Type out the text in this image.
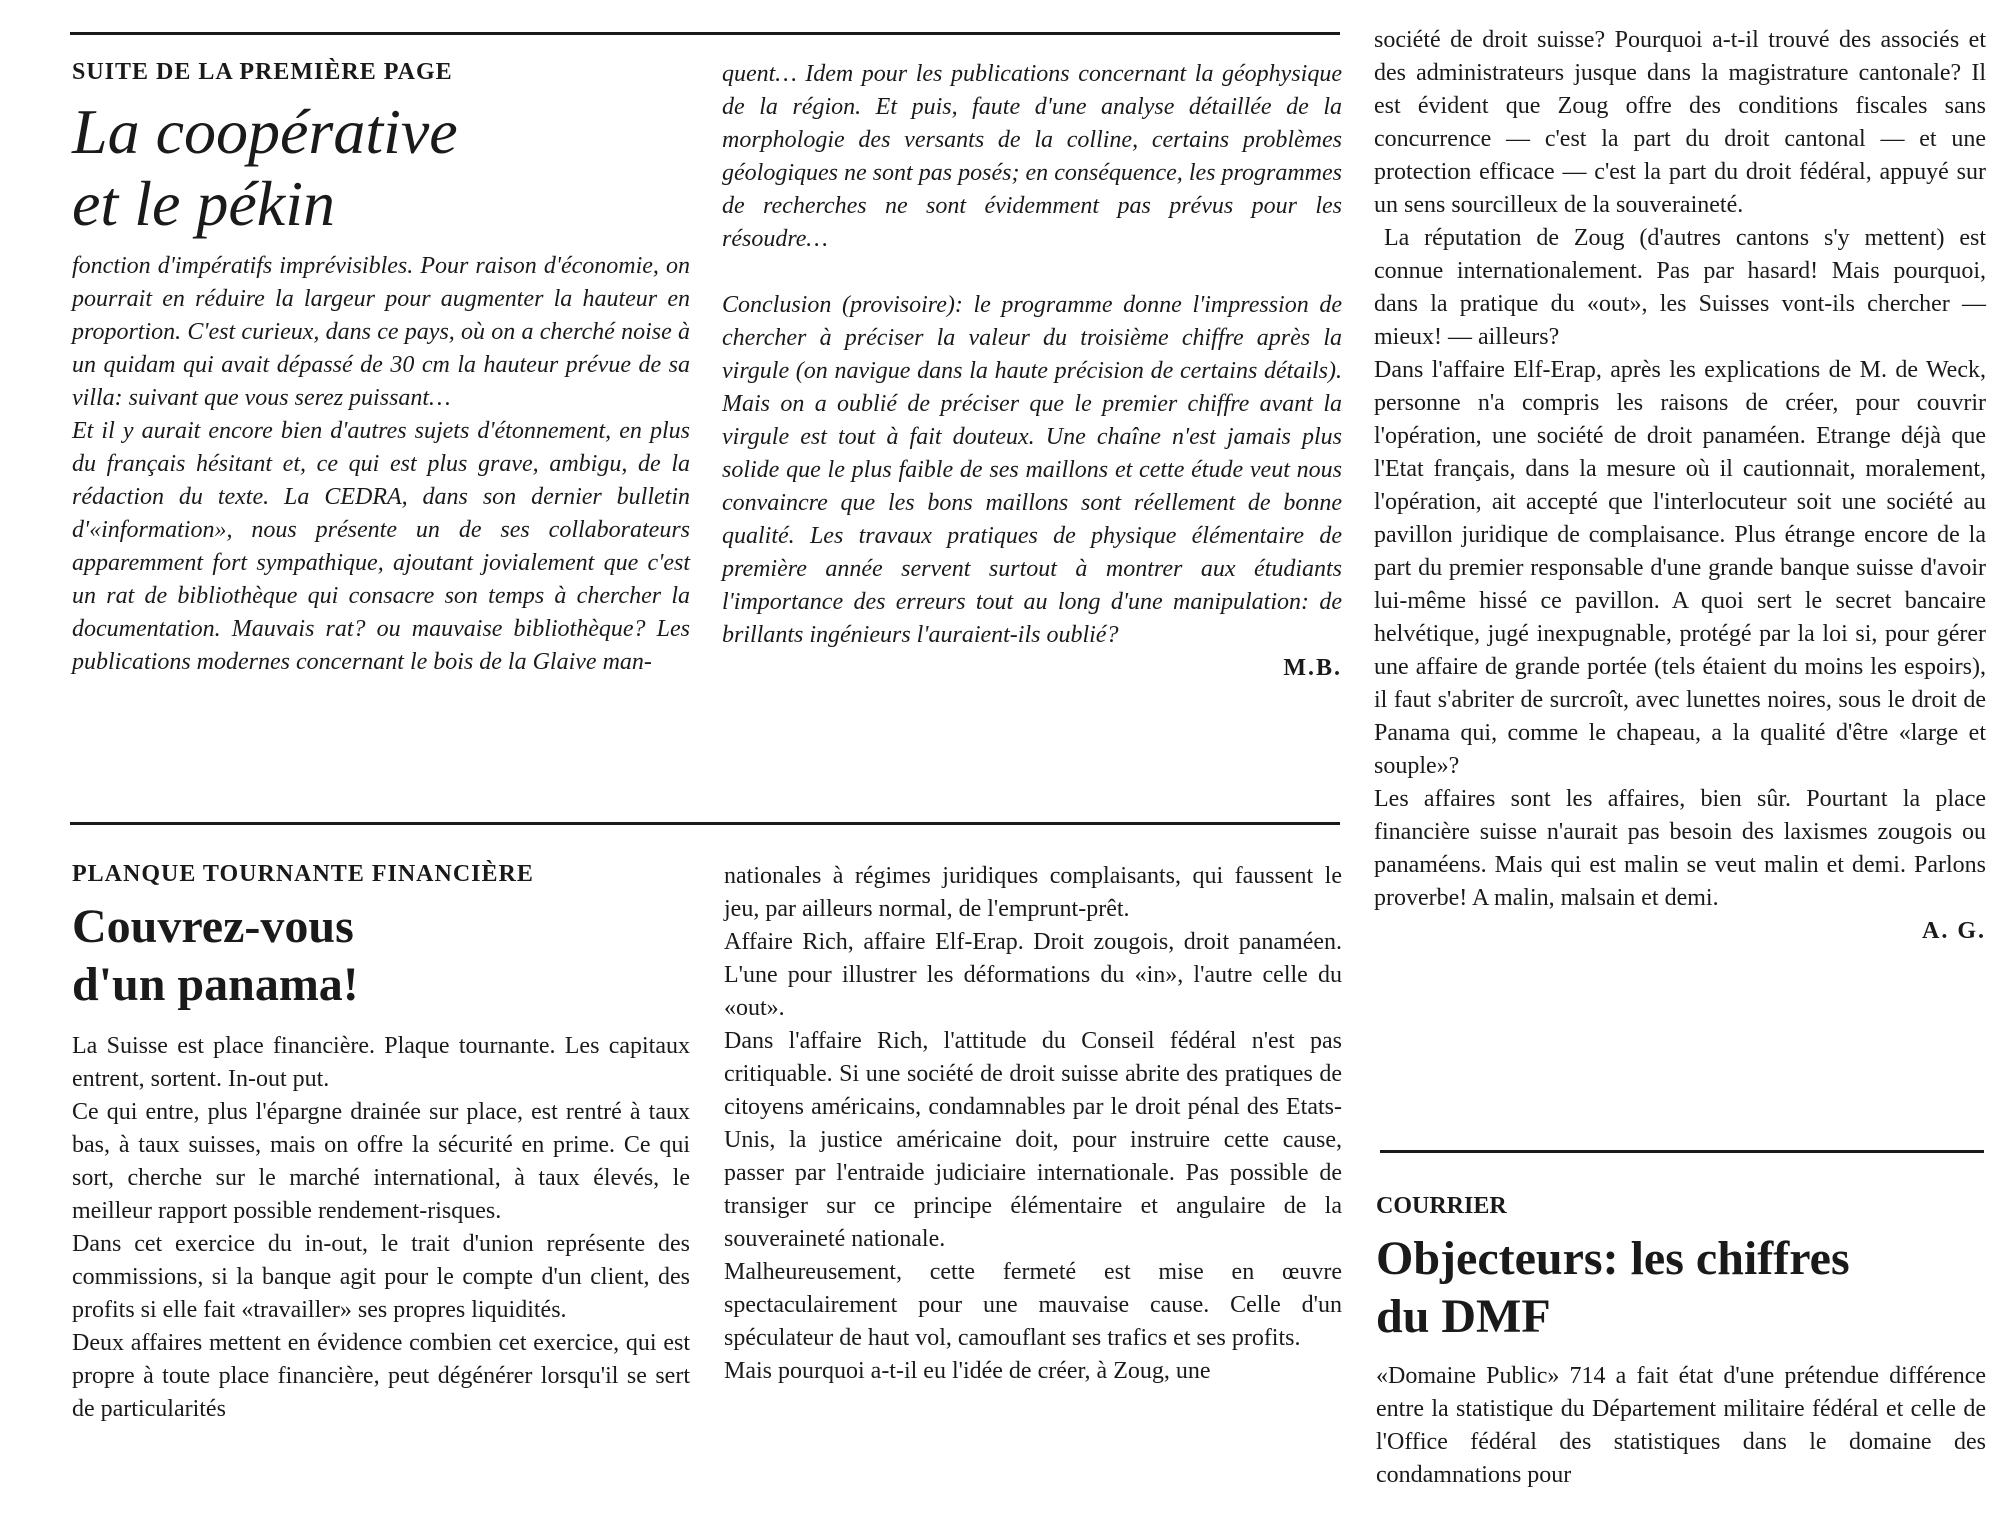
SUITE DE LA PREMIÈRE PAGE

La coopérative
et le pékin

fonction d'impératifs imprévisibles. Pour raison d'économie, on pourrait en réduire la largeur pour augmenter la hauteur en proportion. C'est curieux, dans ce pays, où on a cherché noise à un quidam qui avait dépassé de 30 cm la hauteur prévue de sa villa: suivant que vous serez puissant…

Et il y aurait encore bien d'autres sujets d'étonnement, en plus du français hésitant et, ce qui est plus grave, ambigu, de la rédaction du texte. La CEDRA, dans son dernier bulletin d'«information», nous présente un de ses collaborateurs apparemment fort sympathique, ajoutant jovialement que c'est un rat de bibliothèque qui consacre son temps à chercher la documentation. Mauvais rat? ou mauvaise bibliothèque? Les publications modernes concernant le bois de la Glaive man-

quent… Idem pour les publications concernant la géophysique de la région. Et puis, faute d'une analyse détaillée de la morphologie des versants de la colline, certains problèmes géologiques ne sont pas posés; en conséquence, les programmes de recherches ne sont évidemment pas prévus pour les résoudre…

Conclusion (provisoire): le programme donne l'impression de chercher à préciser la valeur du troisième chiffre après la virgule (on navigue dans la haute précision de certains détails). Mais on a oublié de préciser que le premier chiffre avant la virgule est tout à fait douteux. Une chaîne n'est jamais plus solide que le plus faible de ses maillons et cette étude veut nous convaincre que les bons maillons sont réellement de bonne qualité. Les travaux pratiques de physique élémentaire de première année servent surtout à montrer aux étudiants l'importance des erreurs tout au long d'une manipulation: de brillants ingénieurs l'auraient-ils oublié?

M.B.

PLANQUE TOURNANTE FINANCIÈRE

Couvrez-vous
d'un panama!

La Suisse est place financière. Plaque tournante. Les capitaux entrent, sortent. In-out put.

Ce qui entre, plus l'épargne drainée sur place, est rentré à taux bas, à taux suisses, mais on offre la sécurité en prime. Ce qui sort, cherche sur le marché international, à taux élevés, le meilleur rapport possible rendement-risques.

Dans cet exercice du in-out, le trait d'union représente des commissions, si la banque agit pour le compte d'un client, des profits si elle fait «travailler» ses propres liquidités.

Deux affaires mettent en évidence combien cet exercice, qui est propre à toute place financière, peut dégénérer lorsqu'il se sert de particularités

nationales à régimes juridiques complaisants, qui faussent le jeu, par ailleurs normal, de l'emprunt-prêt.

Affaire Rich, affaire Elf-Erap. Droit zougois, droit panaméen. L'une pour illustrer les déformations du «in», l'autre celle du «out».

Dans l'affaire Rich, l'attitude du Conseil fédéral n'est pas critiquable. Si une société de droit suisse abrite des pratiques de citoyens américains, condamnables par le droit pénal des Etats-Unis, la justice américaine doit, pour instruire cette cause, passer par l'entraide judiciaire internationale. Pas possible de transiger sur ce principe élémentaire et angulaire de la souveraineté nationale.

Malheureusement, cette fermeté est mise en œuvre spectaculairement pour une mauvaise cause. Celle d'un spéculateur de haut vol, camouflant ses trafics et ses profits.

Mais pourquoi a-t-il eu l'idée de créer, à Zoug, une

société de droit suisse? Pourquoi a-t-il trouvé des associés et des administrateurs jusque dans la magistrature cantonale? Il est évident que Zoug offre des conditions fiscales sans concurrence — c'est la part du droit cantonal — et une protection efficace — c'est la part du droit fédéral, appuyé sur un sens sourcilleux de la souveraineté.

La réputation de Zoug (d'autres cantons s'y mettent) est connue internationalement. Pas par hasard! Mais pourquoi, dans la pratique du «out», les Suisses vont-ils chercher — mieux! — ailleurs?

Dans l'affaire Elf-Erap, après les explications de M. de Weck, personne n'a compris les raisons de créer, pour couvrir l'opération, une société de droit panaméen. Etrange déjà que l'Etat français, dans la mesure où il cautionnait, moralement, l'opération, ait accepté que l'interlocuteur soit une société au pavillon juridique de complaisance. Plus étrange encore de la part du premier responsable d'une grande banque suisse d'avoir lui-même hissé ce pavillon. A quoi sert le secret bancaire helvétique, jugé inexpugnable, protégé par la loi si, pour gérer une affaire de grande portée (tels étaient du moins les espoirs), il faut s'abriter de surcroît, avec lunettes noires, sous le droit de Panama qui, comme le chapeau, a la qualité d'être «large et souple»?

Les affaires sont les affaires, bien sûr. Pourtant la place financière suisse n'aurait pas besoin des laxismes zougois ou panaméens. Mais qui est malin se veut malin et demi. Parlons proverbe! A malin, malsain et demi.

A. G.

COURRIER

Objecteurs: les chiffres
du DMF

«Domaine Public» 714 a fait état d'une prétendue différence entre la statistique du Département militaire fédéral et celle de l'Office fédéral des statistiques dans le domaine des condamnations pour
